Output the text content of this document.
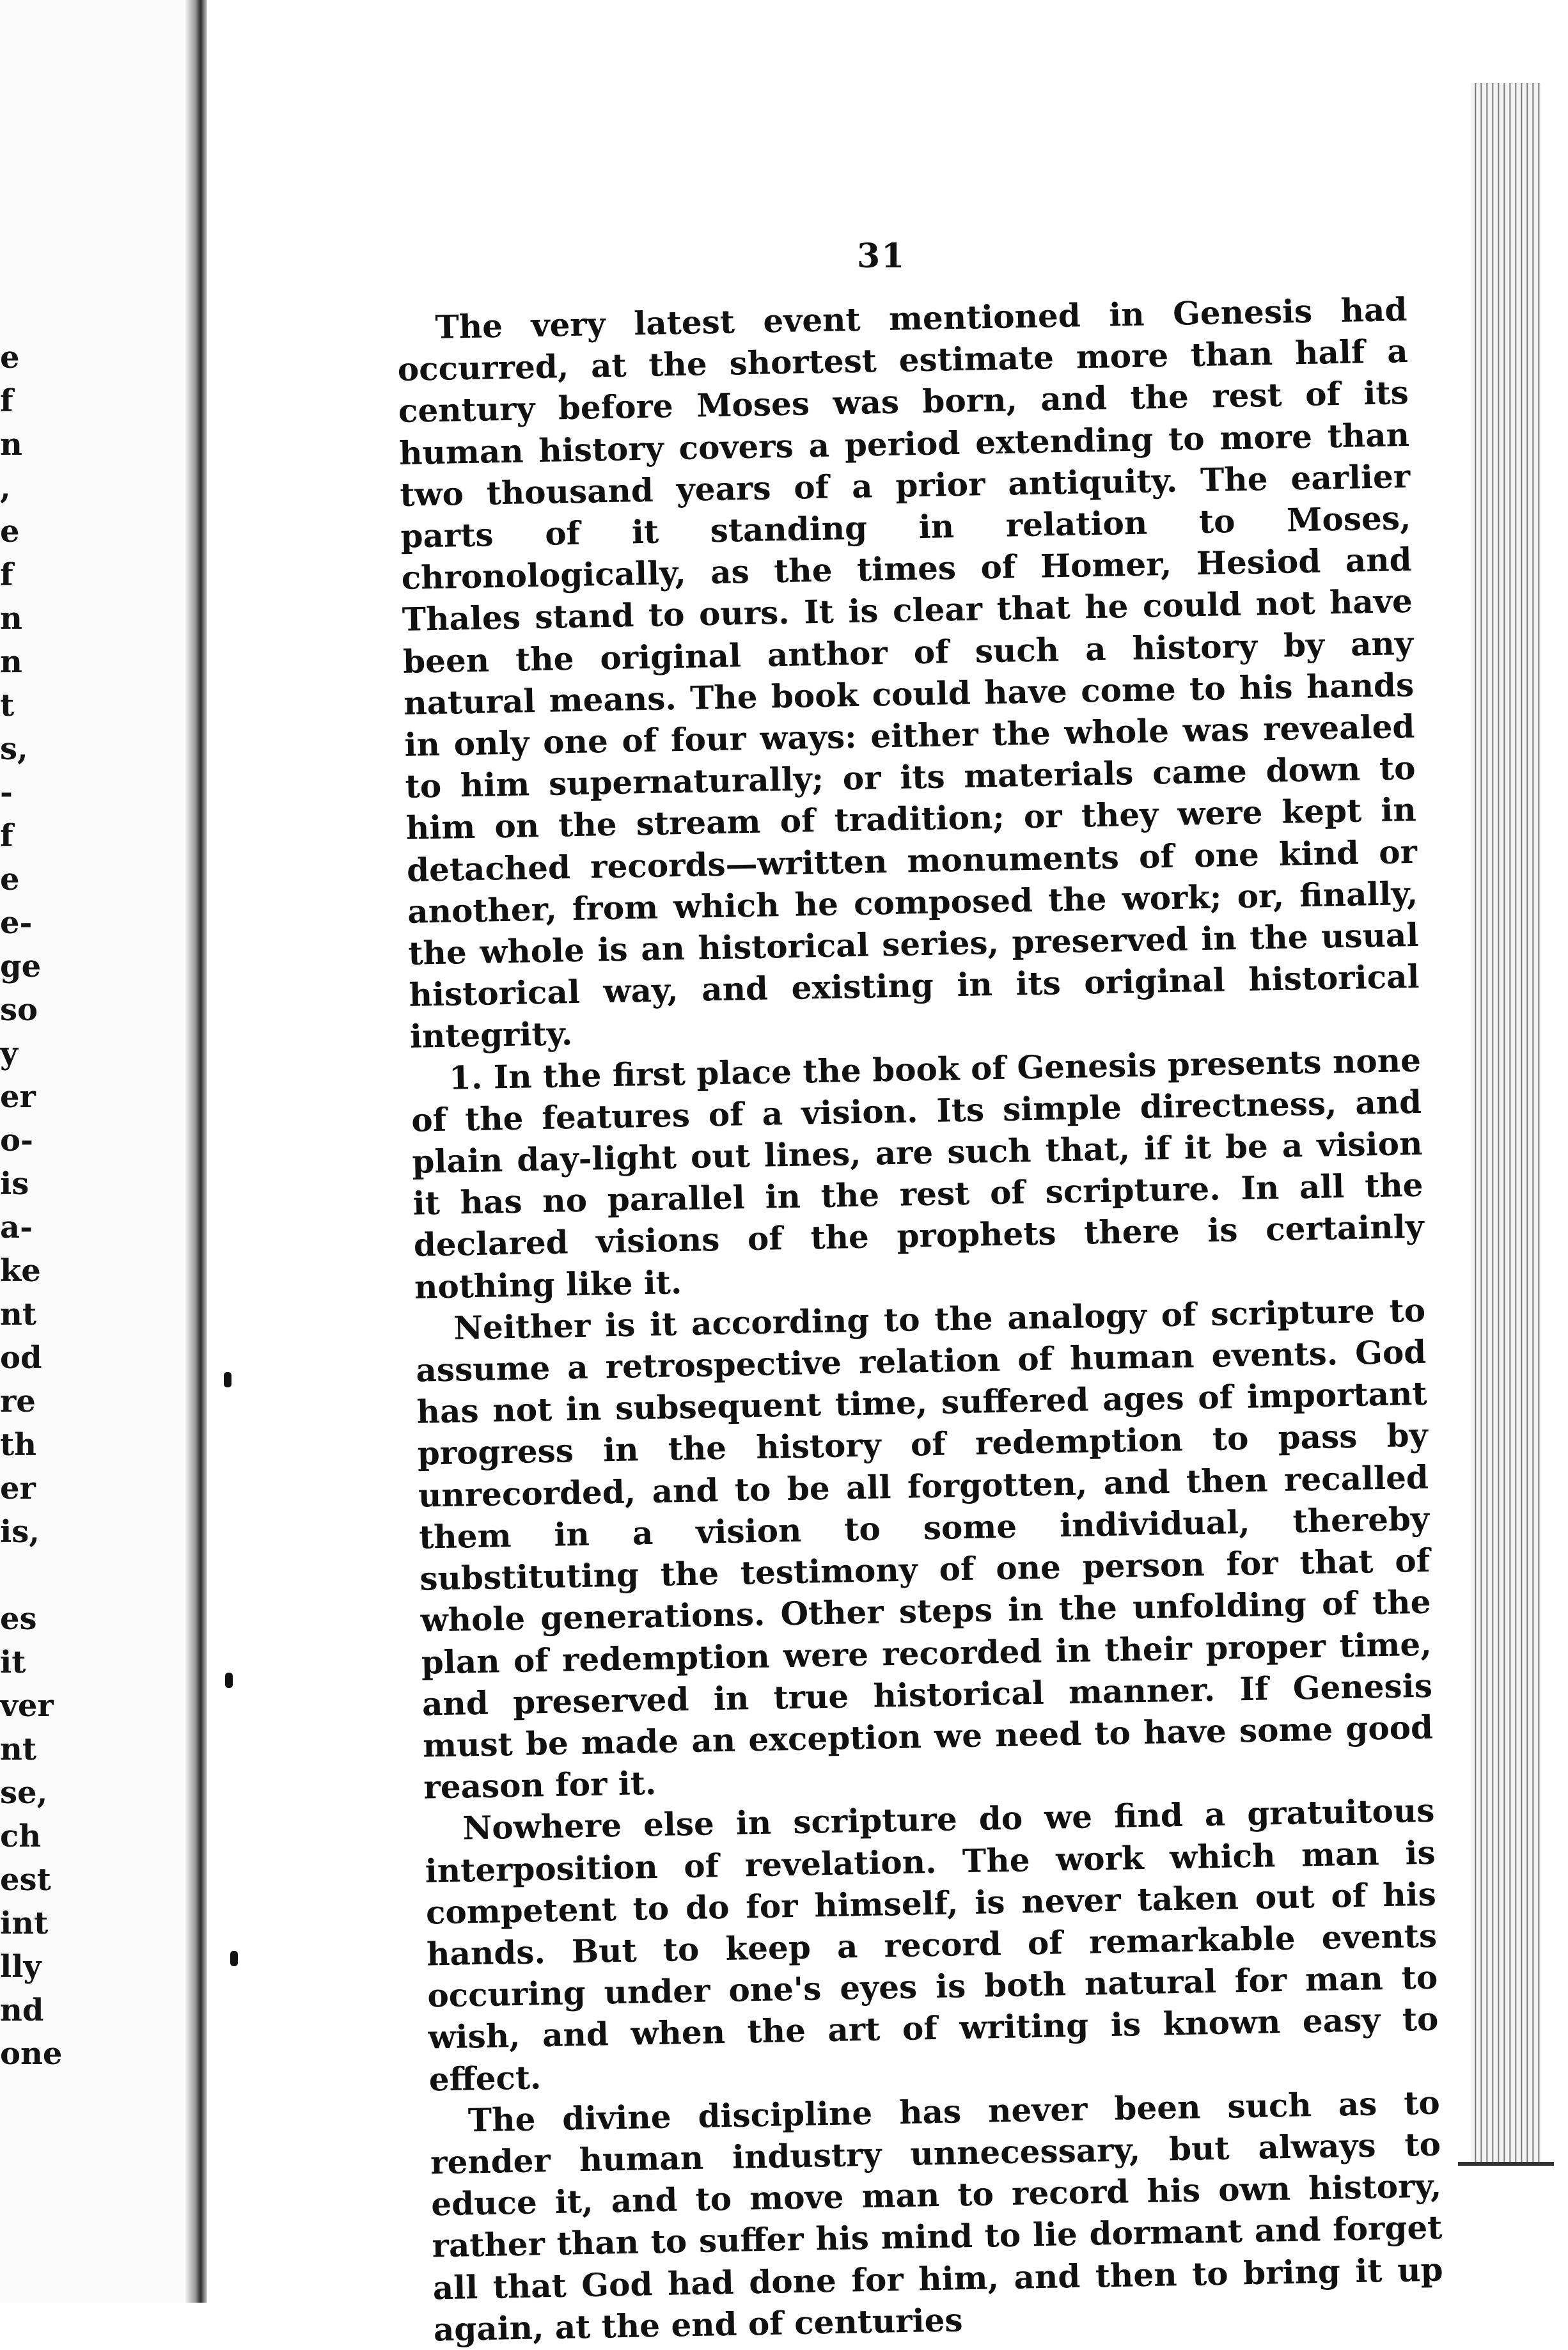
e
f
n
,
e
f
n
n
t
s,
-
f
e
e-
ge
so
y
er
o-
is
a-
ke
nt
od
re
th
er
is,
es
it
ver
nt
se,
ch
est
int
lly
nd
one
31

The very latest event mentioned in Genesis had occurred, at the shortest estimate more than half a century before Moses was born, and the rest of its human history covers a period extending to more than two thousand years of a prior antiquity. The earlier parts of it standing in relation to Moses, chronologically, as the times of Homer, Hesiod and Thales stand to ours. It is clear that he could not have been the original anthor of such a history by any natural means. The book could have come to his hands in only one of four ways: either the whole was revealed to him supernaturally; or its materials came down to him on the stream of tradition; or they were kept in detached records—written monuments of one kind or another, from which he composed the work; or, finally, the whole is an historical series, preserved in the usual historical way, and existing in its original historical integrity.

1. In the first place the book of Genesis presents none of the features of a vision. Its simple directness, and plain day-light out lines, are such that, if it be a vision it has no parallel in the rest of scripture. In all the declared visions of the prophets there is certainly nothing like it.

Neither is it according to the analogy of scripture to assume a retrospective relation of human events. God has not in subsequent time, suffered ages of important progress in the history of redemption to pass by unrecorded, and to be all forgotten, and then recalled them in a vision to some individual, thereby substituting the testimony of one person for that of whole generations. Other steps in the unfolding of the plan of redemption were recorded in their proper time, and preserved in true historical manner. If Genesis must be made an exception we need to have some good reason for it.

Nowhere else in scripture do we find a gratuitous interposition of revelation. The work which man is competent to do for himself, is never taken out of his hands. But to keep a record of remarkable events occuring under one's eyes is both natural for man to wish, and when the art of writing is known easy to effect.

The divine discipline has never been such as to render human industry unnecessary, but always to educe it, and to move man to record his own history, rather than to suffer his mind to lie dormant and forget all that God had done for him, and then to bring it up again, at the end of centuries
